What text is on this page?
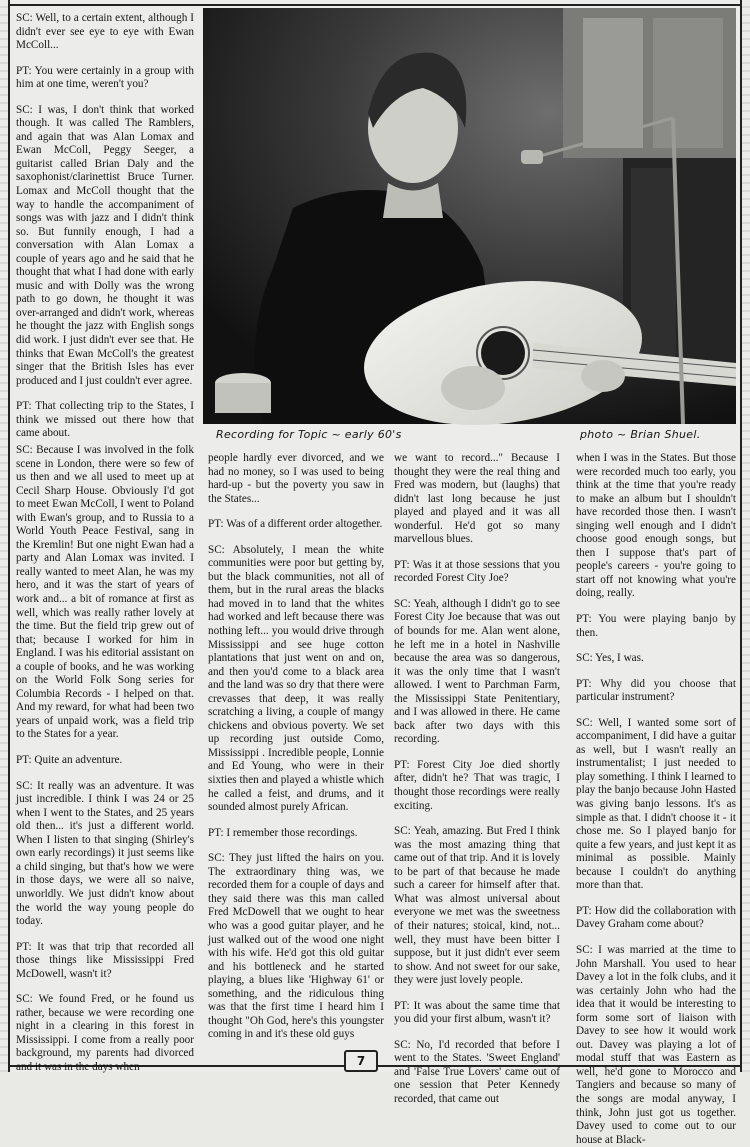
SC: Well, to a certain extent, although I didn't ever see eye to eye with Ewan McColl...

PT: You were certainly in a group with him at one time, weren't you?

SC: I was, I don't think that worked though. It was called The Ramblers, and again that was Alan Lomax and Ewan McColl, Peggy Seeger, a guitarist called Brian Daly and the saxophonist/clarinettist Bruce Turner. Lomax and McColl thought that the way to handle the accompaniment of songs was with jazz and I didn't think so. But funnily enough, I had a conversation with Alan Lomax a couple of years ago and he said that he thought that what I had done with early music and with Dolly was the wrong path to go down, he thought it was over-arranged and didn't work, whereas he thought the jazz with English songs did work. I just didn't ever see that. He thinks that Ewan McColl's the greatest singer that the British Isles has ever produced and I just couldn't ever agree.

PT: That collecting trip to the States, I think we missed out there how that came about.	Recording for Topic ~ early 60's	photo ~ Brian Shuel.

SC: Because I was involved in the folk scene in London, there were so few of us then and we all used to meet up at Cecil Sharp House. Obviously I'd got to meet Ewan McColl, I went to Poland with Ewan's group, and to Russia to a World Youth Peace Festival, sang in the Kremlin! But one night Ewan had a party and Alan Lomax was invited. I really wanted to meet Alan, he was my hero, and it was the start of years of work and... a bit of romance at first as well, which was really rather lovely at the time. But the field trip grew out of that; because I worked for him in England. I was his editorial assistant on a couple of books, and he was working on the World Folk Song series for Columbia Records - I helped on that. And my reward, for what had been two years of unpaid work, was a field trip to the States for a year.

PT: Quite an adventure.

SC: It really was an adventure. It was just incredible. I think I was 24 or 25 when I went to the States, and 25 years old then... it's just a different world. When I listen to that singing (Shirley's own early recordings) it just seems like a child singing, but that's how we were in those days, we were all so naive, unworldly. We just didn't know about the world the way young people do today.

PT: It was that trip that recorded all those things like Mississippi Fred McDowell, wasn't it?

SC: We found Fred, or he found us rather, because we were recording one night in a clearing in this forest in Mississippi. I come from a really poor background, my parents had divorced and it was in the days when

people hardly ever divorced, and we had no money, so I was used to being hard-up - but the poverty you saw in the States...

PT: Was of a different order altogether.

SC: Absolutely, I mean the white communities were poor but getting by, but the black communities, not all of them, but in the rural areas the blacks had moved in to land that the whites had worked and left because there was nothing left... you would drive through Mississippi and see huge cotton plantations that just went on and on, and then you'd come to a black area and the land was so dry that there were crevasses that deep, it was really scratching a living, a couple of mangy chickens and obvious poverty. We set up recording just outside Como, Mississippi . Incredible people, Lonnie and Ed Young, who were in their sixties then and played a whistle which he called a feist, and drums, and it sounded almost purely African.

PT: I remember those recordings.

SC: They just lifted the hairs on you. The extraordinary thing was, we recorded them for a couple of days and they said there was this man called Fred McDowell that we ought to hear who was a good guitar player, and he just walked out of the wood one night with his wife. He'd got this old guitar and his bottleneck and he started playing, a blues like 'Highway 61' or something, and the ridiculous thing was that the first time I heard him I thought "Oh God, here's this youngster coming in and it's these old guys

we want to record..." Because I thought they were the real thing and Fred was modern, but (laughs) that didn't last long because he just played and played and it was all wonderful. He'd got so many marvellous blues.

PT: Was it at those sessions that you recorded Forest City Joe?

SC: Yeah, although I didn't go to see Forest City Joe because that was out of bounds for me. Alan went alone, he left me in a hotel in Nashville because the area was so dangerous, it was the only time that I wasn't allowed. I went to Parchman Farm, the Mississippi State Penitentiary, and I was allowed in there. He came back after two days with this recording.

PT: Forest City Joe died shortly after, didn't he? That was tragic, I thought those recordings were really exciting.

SC: Yeah, amazing. But Fred I think was the most amazing thing that came out of that trip. And it is lovely to be part of that because he made such a career for himself after that. What was almost universal about everyone we met was the sweetness of their natures; stoical, kind, not... well, they must have been bitter I suppose, but it just didn't ever seem to show. And not sweet for our sake, they were just lovely people.

PT: It was about the same time that you did your first album, wasn't it?

SC: No, I'd recorded that before I went to the States. 'Sweet England' and 'False True Lovers' came out of one session that Peter Kennedy recorded, that came out

when I was in the States. But those were recorded much too early, you think at the time that you're ready to make an album but I shouldn't have recorded those then. I wasn't singing well enough and I didn't choose good enough songs, but then I suppose that's part of people's careers - you're going to start off not knowing what you're doing, really.

PT: You were playing banjo by then.

SC: Yes, I was.

PT: Why did you choose that particular instrument?

SC: Well, I wanted some sort of accompaniment, I did have a guitar as well, but I wasn't really an instrumentalist; I just needed to play something. I think I learned to play the banjo because John Hasted was giving banjo lessons. It's as simple as that. I didn't choose it - it chose me. So I played banjo for quite a few years, and just kept it as minimal as possible. Mainly because I couldn't do anything more than that.

PT: How did the collaboration with Davey Graham come about?

SC: I was married at the time to John Marshall. You used to hear Davey a lot in the folk clubs, and it was certainly John who had the idea that it would be interesting to form some sort of liaison with Davey to see how it would work out. Davey was playing a lot of modal stuff that was Eastern as well, he'd gone to Morocco and Tangiers and because so many of the songs are modal anyway, I think, John just got us together. Davey used to come out to our house at Black-

7
